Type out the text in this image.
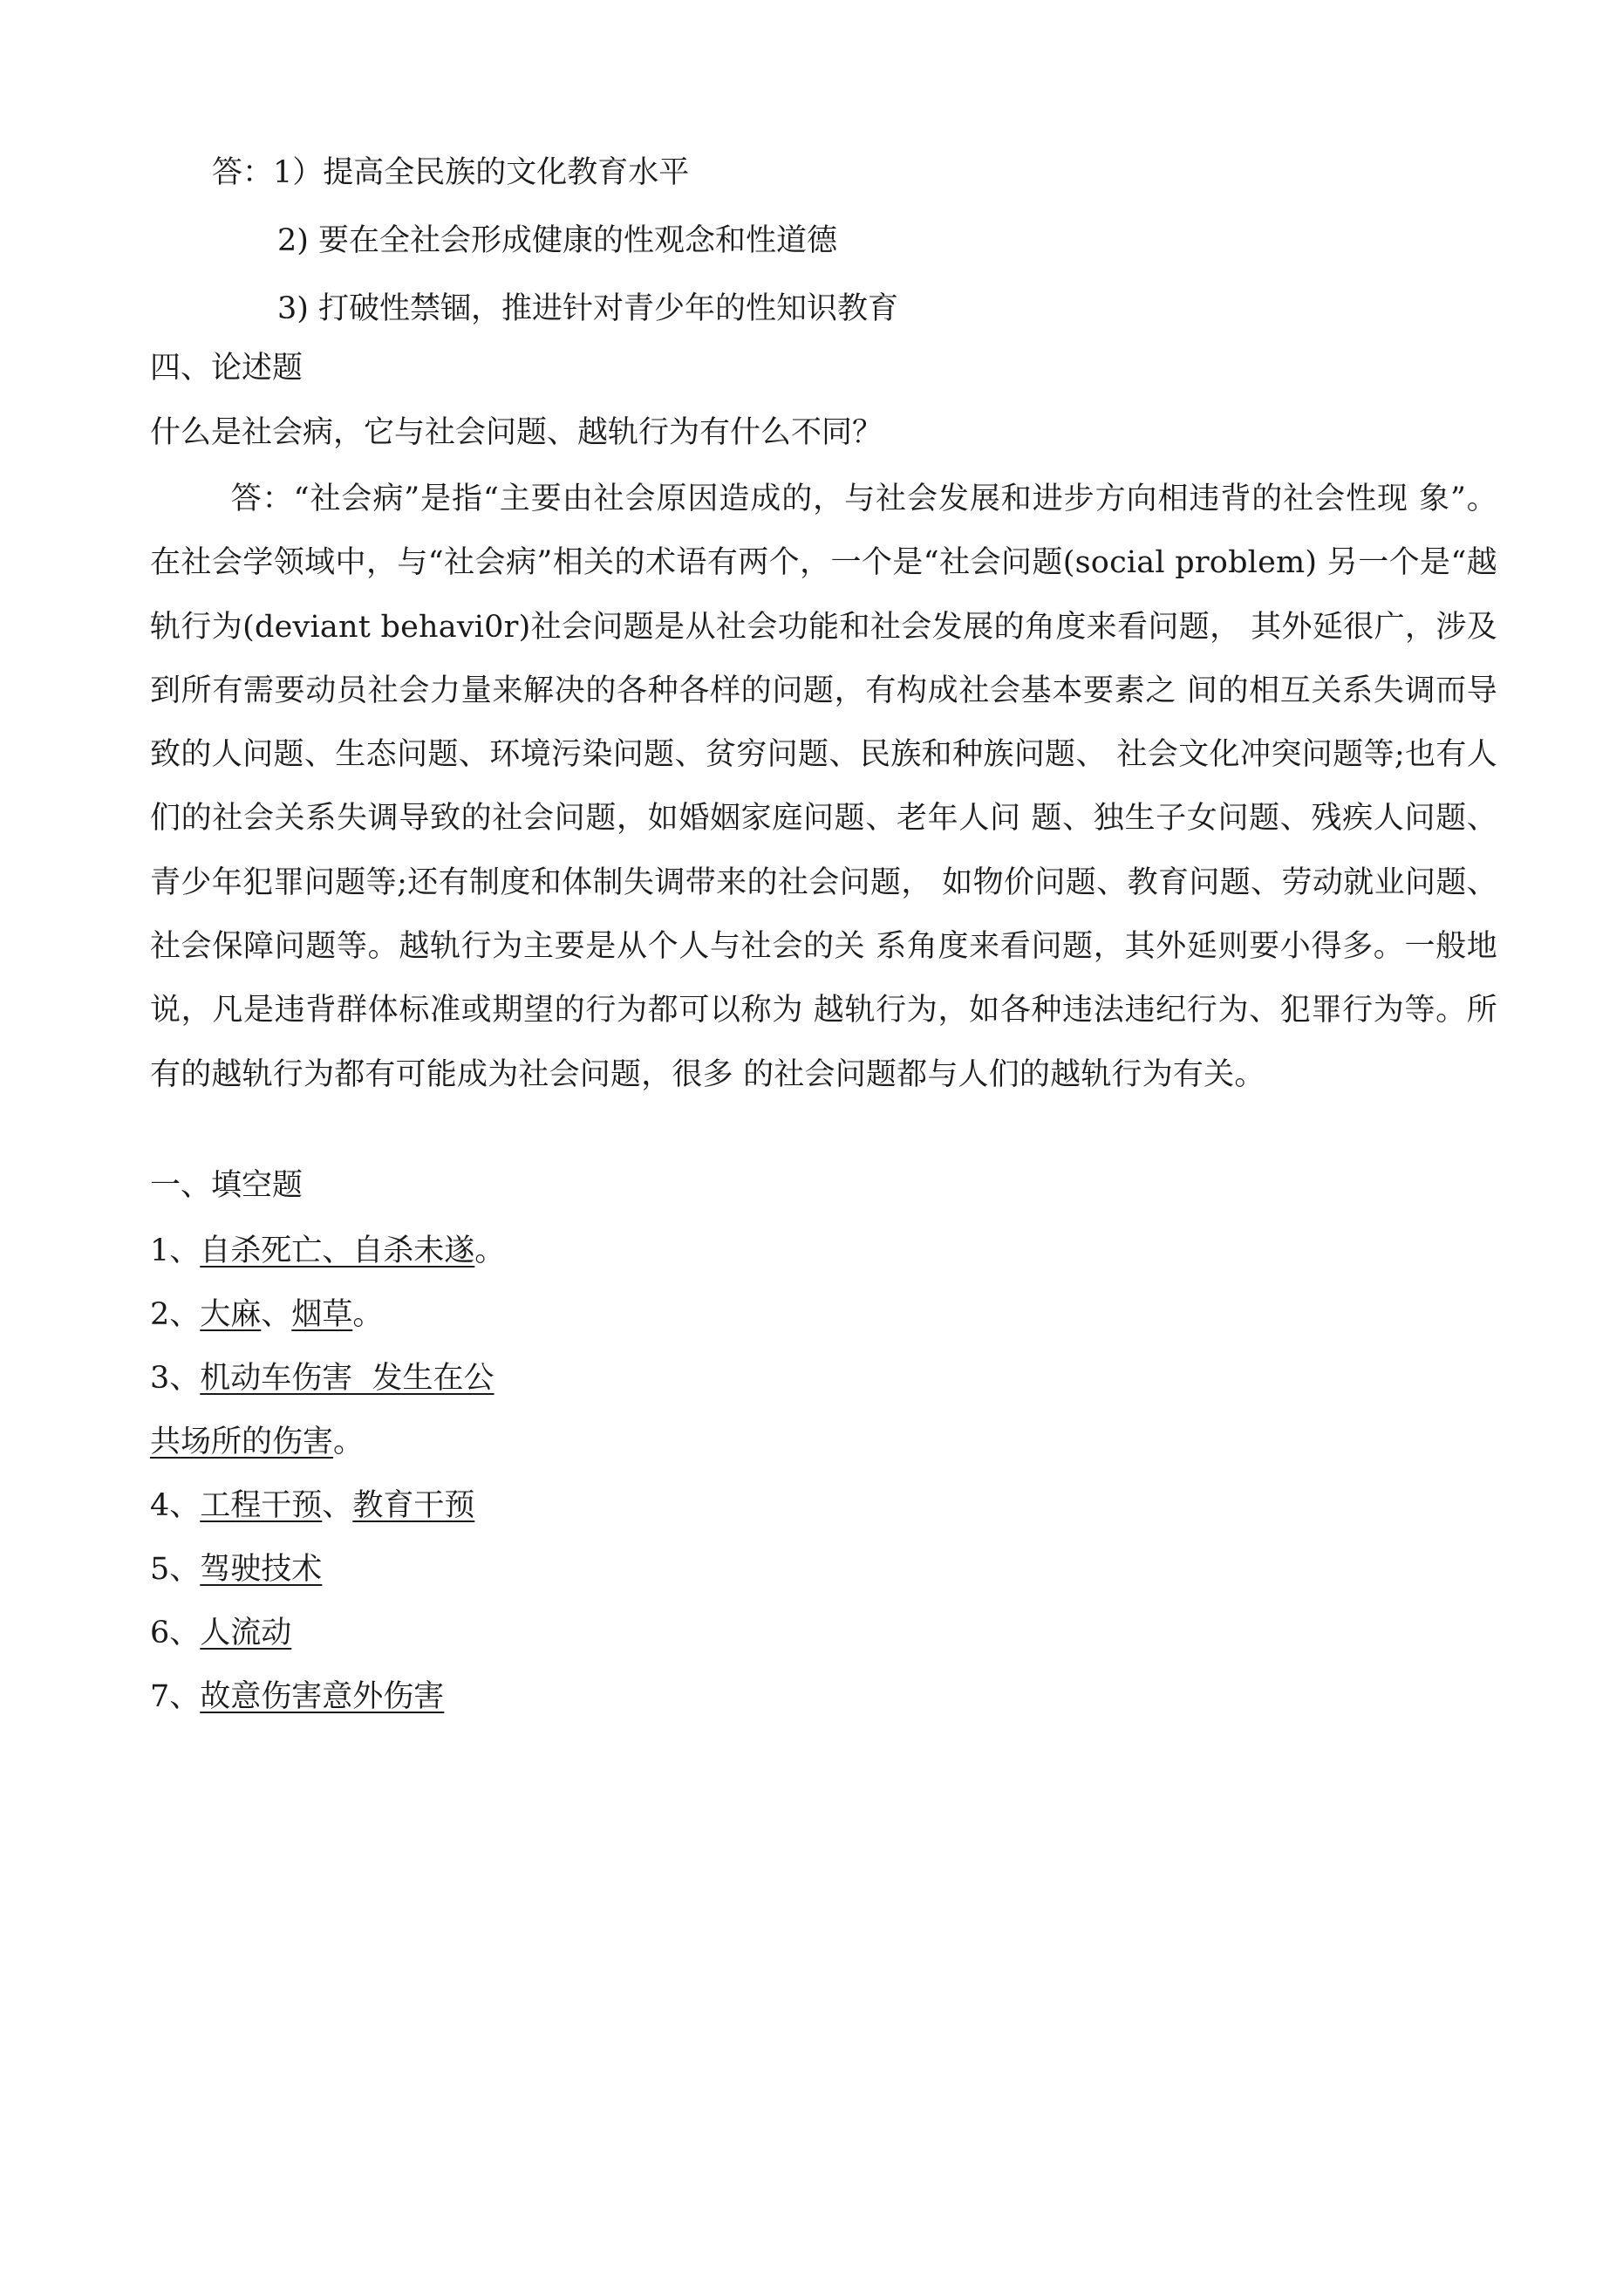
答：1）提高全民族的文化教育水平
2) 要在全社会形成健康的性观念和性道德
3) 打破性禁锢，推进针对青少年的性知识教育
四、论述题
什么是社会病，它与社会问题、越轨行为有什么不同？
答：“社会病”是指“主要由社会原因造成的，与社会发展和进步方向相违背的社会性现 象”。在社会学领域中，与“社会病”相关的术语有两个，一个是“社会问题(social problem) 另一个是“越轨行为(deviant behavi0r)社会问题是从社会功能和社会发展的角度来看问题， 其外延很广，涉及到所有需要动员社会力量来解决的各种各样的问题，有构成社会基本要素之 间的相互关系失调而导致的人问题、生态问题、环境污染问题、贫穷问题、民族和种族问题、 社会文化冲突问题等;也有人们的社会关系失调导致的社会问题，如婚姻家庭问题、老年人问 题、独生子女问题、残疾人问题、青少年犯罪问题等;还有制度和体制失调带来的社会问题， 如物价问题、教育问题、劳动就业问题、社会保障问题等。越轨行为主要是从个人与社会的关 系角度来看问题，其外延则要小得多。一般地说，凡是违背群体标准或期望的行为都可以称为 越轨行为，如各种违法违纪行为、犯罪行为等。所有的越轨行为都有可能成为社会问题，很多 的社会问题都与人们的越轨行为有关。
一、填空题
1、自杀死亡、自杀未遂。
2、大麻、烟草。
3、机动车伤害  发生在公
共场所的伤害。
4、工程干预、教育干预
5、驾驶技术
6、人流动
7、故意伤害意外伤害
